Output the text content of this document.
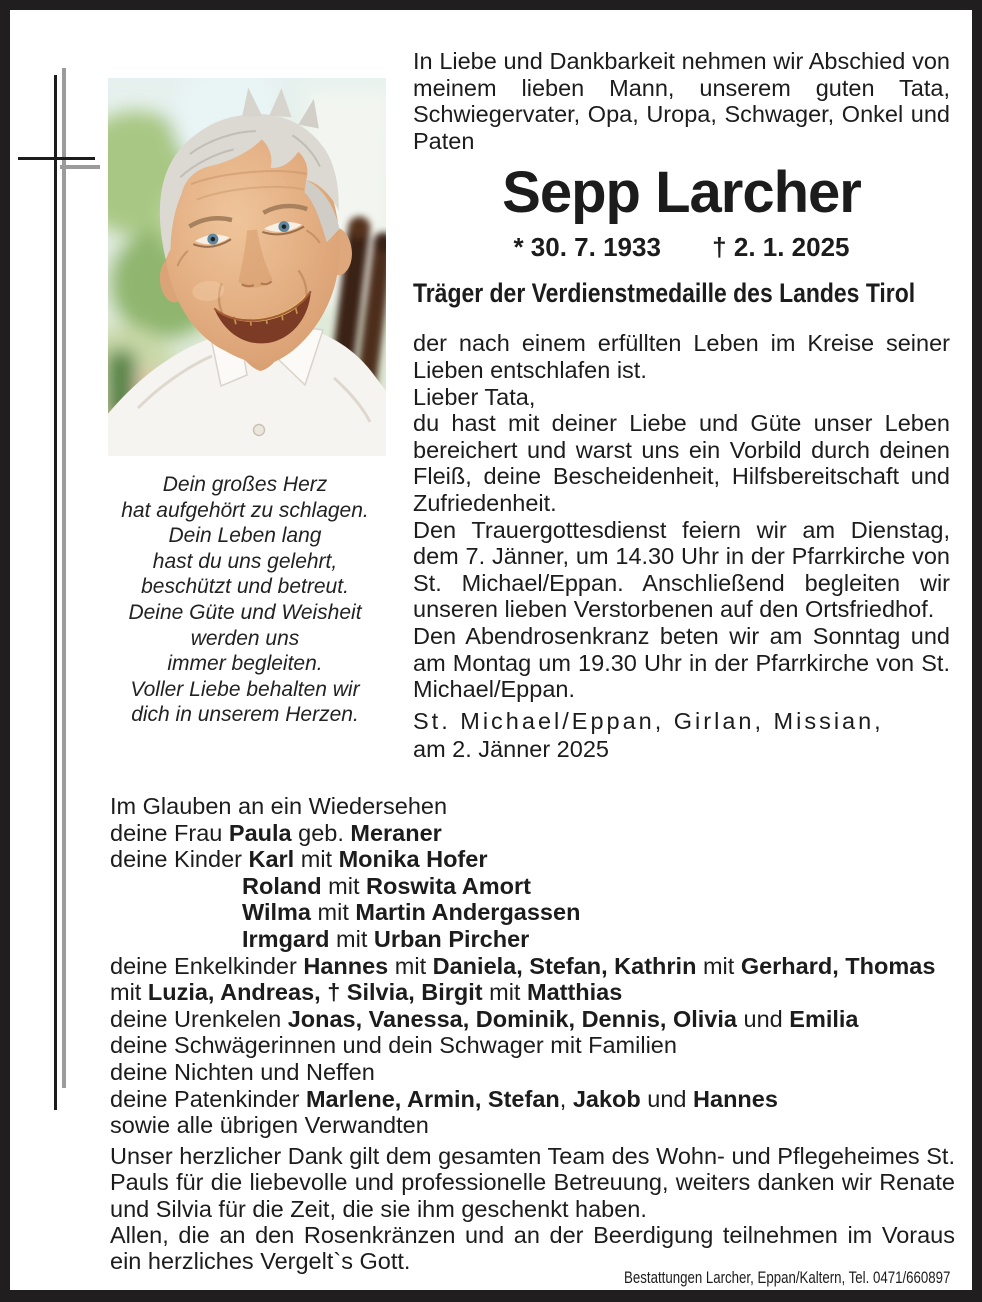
Dein großes Herz
hat aufgehört zu schlagen.
Dein Leben lang
hast du uns gelehrt,
beschützt und betreut.
Deine Güte und Weisheit
werden uns
immer begleiten.
Voller Liebe behalten wir
dich in unserem Herzen.
In Liebe und Dankbarkeit nehmen wir Abschied von meinem lieben Mann, unserem guten Tata, Schwiegervater, Opa, Uropa, Schwager, Onkel und Paten
Sepp Larcher
* 30. 7. 1933 † 2. 1. 2025
Träger der Verdienstmedaille des Landes Tirol

der nach einem erfüllten Leben im Kreise seiner Lieben entschlafen ist.

Lieber Tata,

du hast mit deiner Liebe und Güte unser Leben bereichert und warst uns ein Vorbild durch deinen Fleiß, deine Bescheidenheit, Hilfsbereitschaft und Zufriedenheit.

Den Trauergottesdienst feiern wir am Dienstag, dem 7. Jänner, um 14.30 Uhr in der Pfarrkirche von St. Michael/Eppan. Anschließend begleiten wir unseren lieben Verstorbenen auf den Ortsfriedhof.

Den Abendrosenkranz beten wir am Sonntag und am Montag um 19.30 Uhr in der Pfarrkirche von St. Michael/Eppan.

St. Michael/Eppan, Girlan, Missian,
am 2. Jänner 2025
Im Glauben an ein Wiedersehen
deine Frau Paula geb. Meraner
deine Kinder Karl mit Monika Hofer
Roland mit Roswita Amort
Wilma mit Martin Andergassen
Irmgard mit Urban Pircher
deine Enkelkinder Hannes mit Daniela, Stefan, Kathrin mit Gerhard, Thomas mit Luzia, Andreas, † Silvia, Birgit mit Matthias
deine Urenkelen Jonas, Vanessa, Dominik, Dennis, Olivia und Emilia
deine Schwägerinnen und dein Schwager mit Familien
deine Nichten und Neffen
deine Patenkinder Marlene, Armin, Stefan, Jakob und Hannes
sowie alle übrigen Verwandten

Unser herzlicher Dank gilt dem gesamten Team des Wohn- und Pflegeheimes St. Pauls für die liebevolle und professionelle Betreuung, weiters danken wir Renate und Silvia für die Zeit, die sie ihm geschenkt haben.

Allen, die an den Rosenkränzen und an der Beerdigung teilnehmen im Voraus ein herzliches Vergelt`s Gott.

Bestattungen Larcher, Eppan/Kaltern, Tel. 0471/660897
